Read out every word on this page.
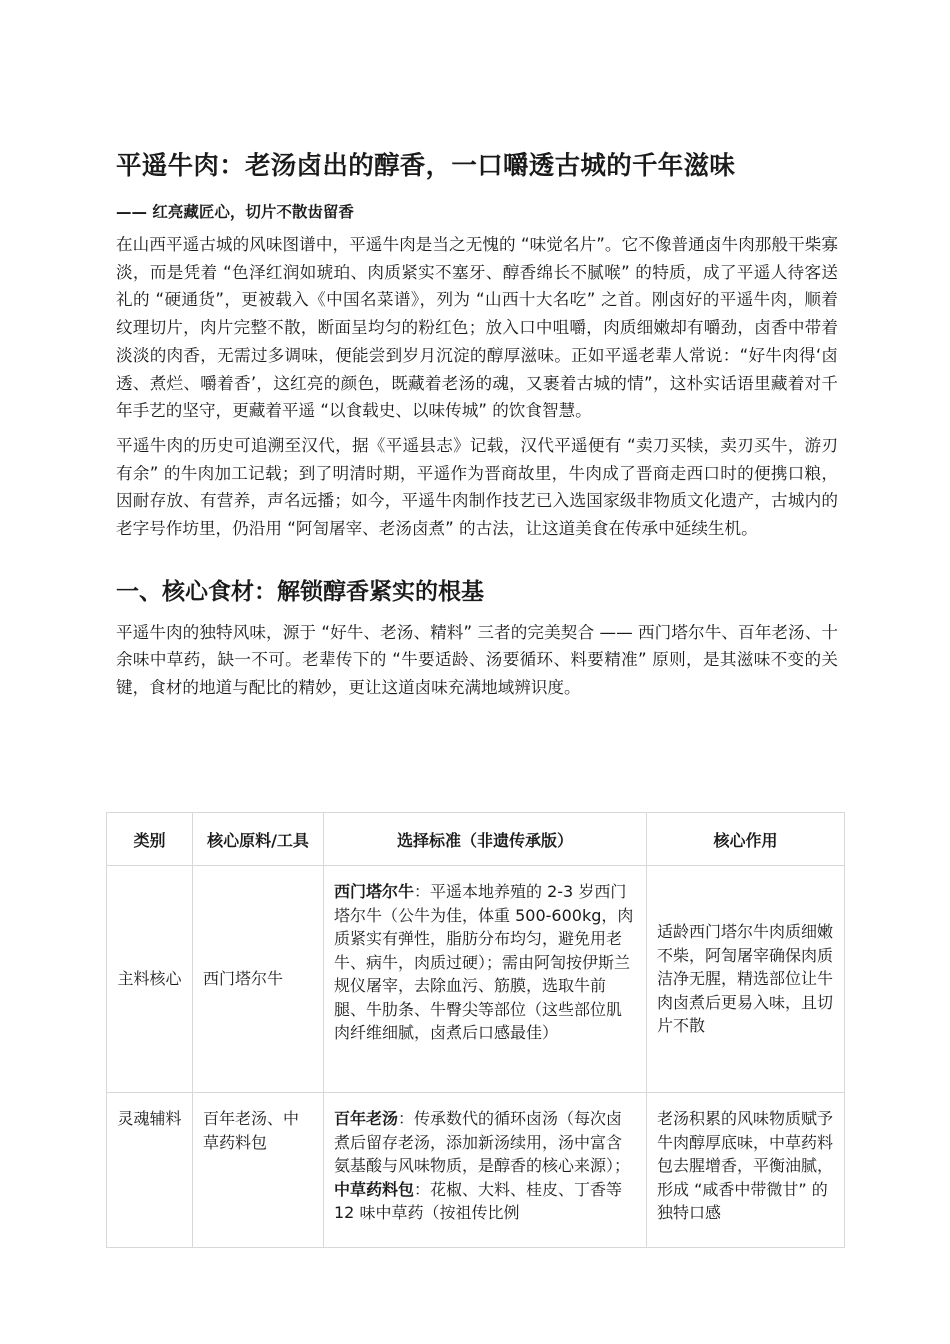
平遥牛肉：老汤卤出的醇香，一口嚼透古城的千年滋味
—— 红亮藏匠心，切片不散齿留香

在山西平遥古城的风味图谱中，平遥牛肉是当之无愧的 “味觉名片”。它不像普通卤牛肉那般干柴寡淡，而是凭着 “色泽红润如琥珀、肉质紧实不塞牙、醇香绵长不腻喉” 的特质，成了平遥人待客送礼的 “硬通货”，更被载入《中国名菜谱》，列为 “山西十大名吃” 之首。刚卤好的平遥牛肉，顺着纹理切片，肉片完整不散，断面呈均匀的粉红色；放入口中咀嚼，肉质细嫩却有嚼劲，卤香中带着淡淡的肉香，无需过多调味，便能尝到岁月沉淀的醇厚滋味。正如平遥老辈人常说：“好牛肉得‘卤透、煮烂、嚼着香’，这红亮的颜色，既藏着老汤的魂，又裹着古城的情”，这朴实话语里藏着对千年手艺的坚守，更藏着平遥 “以食载史、以味传城” 的饮食智慧。

平遥牛肉的历史可追溯至汉代，据《平遥县志》记载，汉代平遥便有 “卖刀买犊，卖刃买牛，游刃有余” 的牛肉加工记载；到了明清时期，平遥作为晋商故里，牛肉成了晋商走西口时的便携口粮，因耐存放、有营养，声名远播；如今，平遥牛肉制作技艺已入选国家级非物质文化遗产，古城内的老字号作坊里，仍沿用 “阿訇屠宰、老汤卤煮” 的古法，让这道美食在传承中延续生机。

一、核心食材：解锁醇香紧实的根基

平遥牛肉的独特风味，源于 “好牛、老汤、精料” 三者的完美契合 —— 西门塔尔牛、百年老汤、十余味中草药，缺一不可。老辈传下的 “牛要适龄、汤要循环、料要精准” 原则，是其滋味不变的关键，食材的地道与配比的精妙，更让这道卤味充满地域辨识度。

类别	核心原料/工具	选择标准（非遗传承版）	核心作用
主料核心	西门塔尔牛	西门塔尔牛：平遥本地养殖的 2-3 岁西门塔尔牛（公牛为佳，体重 500-600kg，肉质紧实有弹性，脂肪分布均匀，避免用老牛、病牛，肉质过硬）；需由阿訇按伊斯兰规仪屠宰，去除血污、筋膜，选取牛前腿、牛肋条、牛臀尖等部位（这些部位肌肉纤维细腻，卤煮后口感最佳）	适龄西门塔尔牛肉质细嫩不柴，阿訇屠宰确保肉质洁净无腥，精选部位让牛肉卤煮后更易入味，且切片不散
灵魂辅料	百年老汤、中草药料包	百年老汤：传承数代的循环卤汤（每次卤煮后留存老汤，添加新汤续用，汤中富含氨基酸与风味物质，是醇香的核心来源）；中草药料包：花椒、大料、桂皮、丁香等 12 味中草药（按祖传比例	老汤积累的风味物质赋予牛肉醇厚底味，中草药料包去腥增香，平衡油腻，形成 “咸香中带微甘” 的独特口感
